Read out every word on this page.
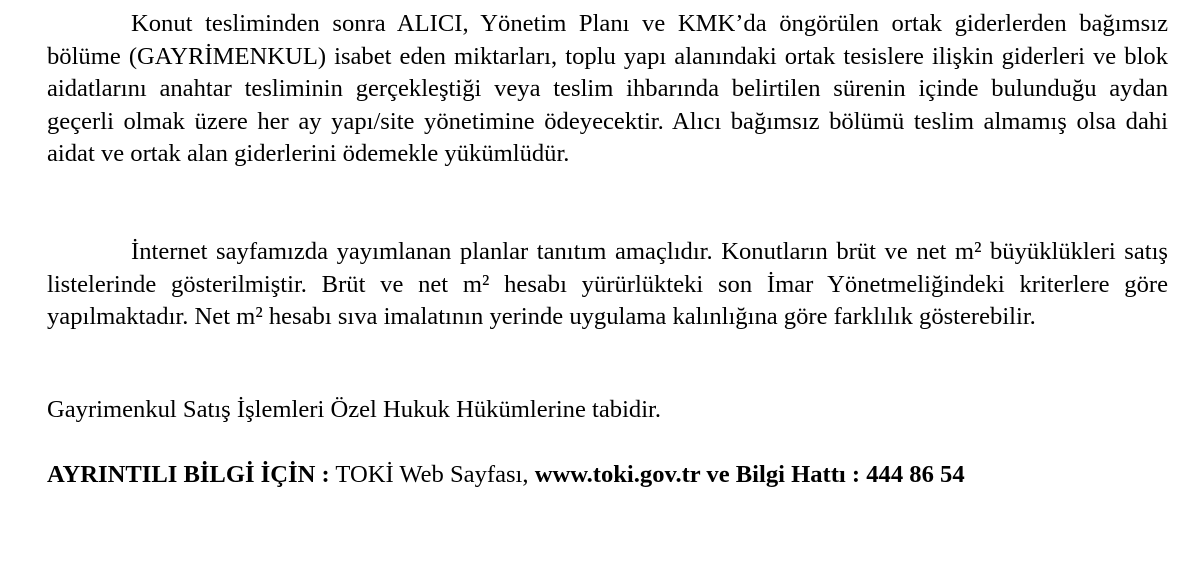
Konut tesliminden sonra ALICI, Yönetim Planı ve KMK’da öngörülen ortak giderlerden bağımsız bölüme (GAYRİMENKUL) isabet eden miktarları, toplu yapı alanındaki ortak tesislere ilişkin giderleri ve blok aidatlarını anahtar tesliminin gerçekleştiği veya teslim ihbarında belirtilen sürenin içinde bulunduğu aydan geçerli olmak üzere her ay yapı/site yönetimine ödeyecektir. Alıcı bağımsız bölümü teslim almamış olsa dahi aidat ve ortak alan giderlerini ödemekle yükümlüdür.

İnternet sayfamızda yayımlanan planlar tanıtım amaçlıdır. Konutların brüt ve net m² büyüklükleri satış listelerinde gösterilmiştir. Brüt ve net m² hesabı yürürlükteki son İmar Yönetmeliğindeki kriterlere göre yapılmaktadır. Net m² hesabı sıva imalatının yerinde uygulama kalınlığına göre farklılık gösterebilir.

Gayrimenkul Satış İşlemleri Özel Hukuk Hükümlerine tabidir.

AYRINTILI BİLGİ İÇİN : TOKİ Web Sayfası, www.toki.gov.tr ve Bilgi Hattı : 444 86 54
